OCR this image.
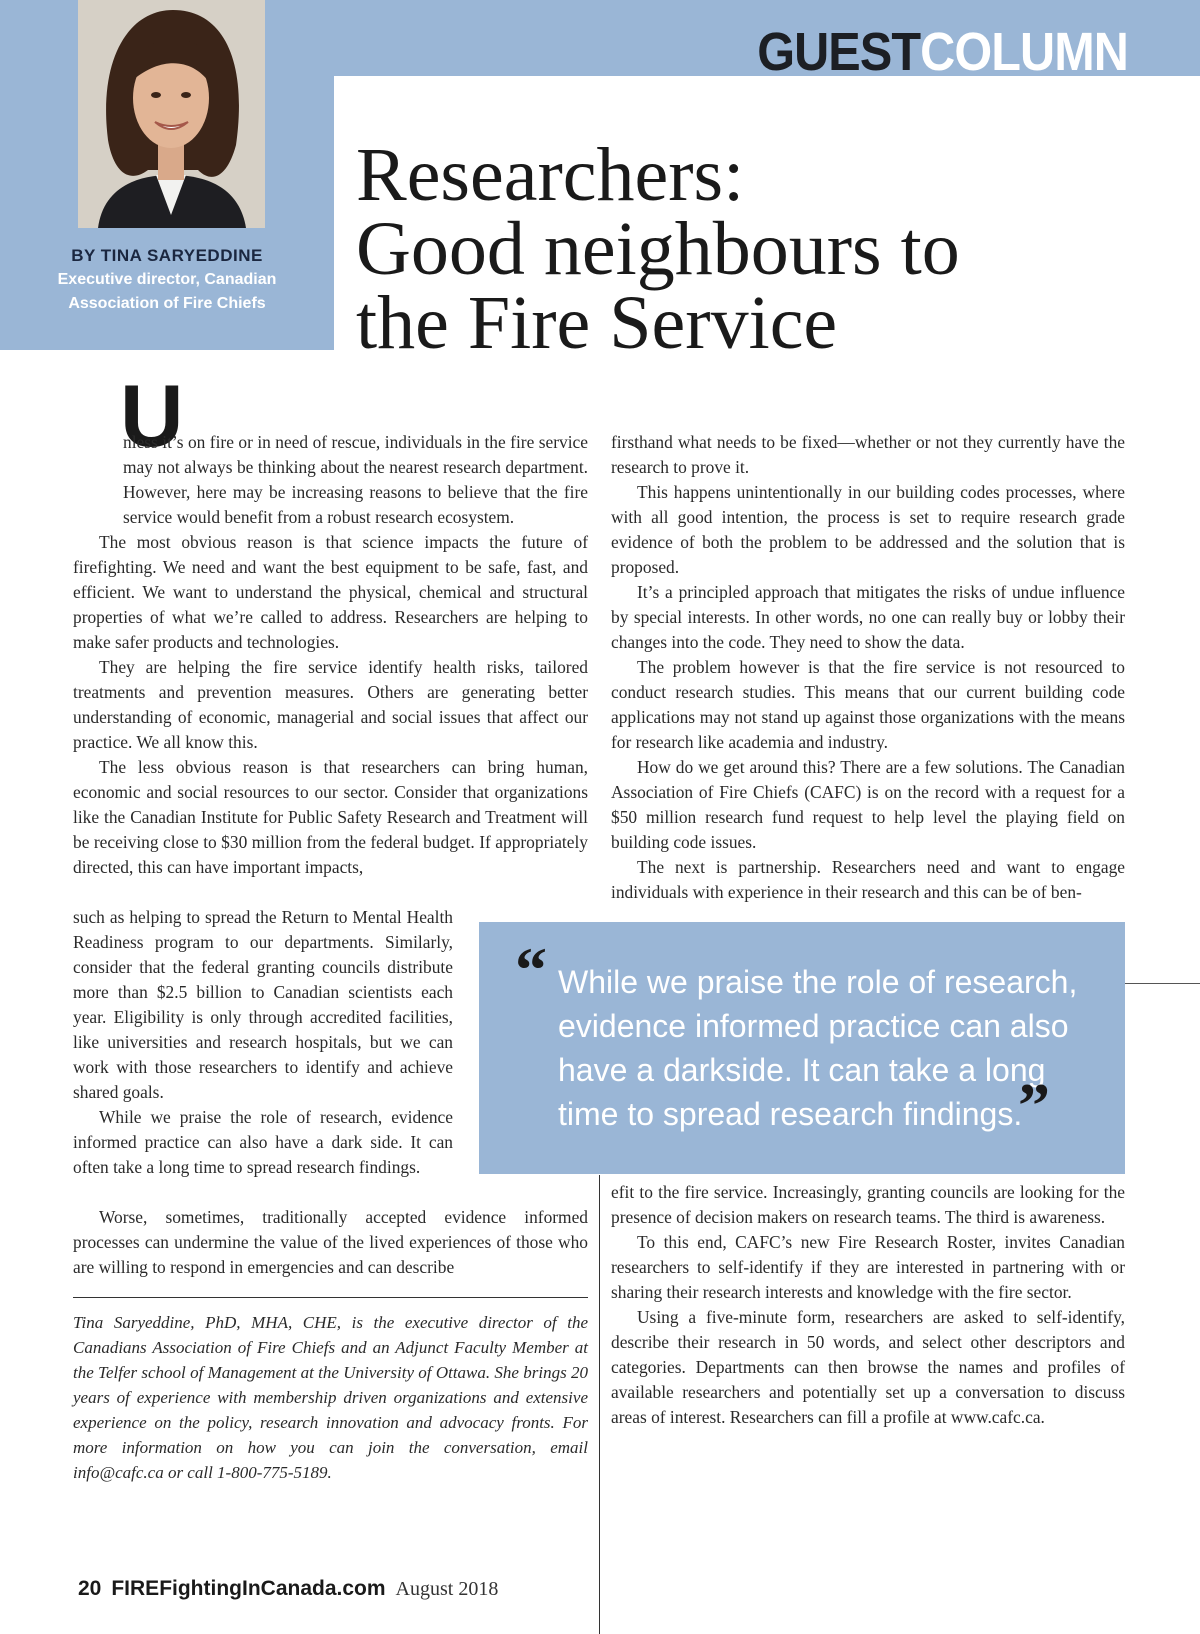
GUESTCOLUMN
BY TINA SARYEDDINE
Executive director, Canadian
Association of Fire Chiefs
Researchers:
Good neighbours to
the Fire Service
U

nless it’s on fire or in need of rescue, individuals in the fire service may not always be thinking about the nearest research department. However, here may be increasing reasons to believe that the fire service would benefit from a robust research ecosystem.

The most obvious reason is that science impacts the future of firefighting. We need and want the best equipment to be safe, fast, and efficient. We want to understand the physical, chemical and structural properties of what we’re called to address. Researchers are helping to make safer products and technologies.

They are helping the fire service identify health risks, tailored treatments and prevention measures. Others are generating better understanding of economic, managerial and social issues that affect our practice. We all know this.

The less obvious reason is that researchers can bring human, economic and social resources to our sector. Consider that organizations like the Canadian Institute for Public Safety Research and Treatment will be receiving close to $30 million from the federal budget. If appropriately directed, this can have important impacts,

such as helping to spread the Return to Mental Health Readiness program to our departments. Similarly, consider that the federal granting councils distribute more than $2.5 billion to Canadian scientists each year. Eligibility is only through accredited facilities, like universities and research hospitals, but we can work with those researchers to identify and achieve shared goals.

While we praise the role of research, evidence informed practice can also have a dark side. It can often take a long time to spread research findings.

Worse, sometimes, traditionally accepted evidence informed processes can undermine the value of the lived experiences of those who are willing to respond in emergencies and can describe

firsthand what needs to be fixed—whether or not they currently have the research to prove it.

This happens unintentionally in our building codes processes, where with all good intention, the process is set to require research grade evidence of both the problem to be addressed and the solution that is proposed.

It’s a principled approach that mitigates the risks of undue influence by special interests. In other words, no one can really buy or lobby their changes into the code. They need to show the data.

The problem however is that the fire service is not resourced to conduct research studies. This means that our current building code applications may not stand up against those organizations with the means for research like academia and industry.

How do we get around this? There are a few solutions. The Canadian Association of Fire Chiefs (CAFC) is on the record with a request for a $50 million research fund request to help level the playing field on building code issues.

The next is partnership. Researchers need and want to engage individuals with experience in their research and this can be of ben-

“ While we praise the role of research, evidence informed practice can also have a darkside. It can take a long time to spread research findings.
”

efit to the fire service. Increasingly, granting councils are looking for the presence of decision makers on research teams. The third is awareness.

To this end, CAFC’s new Fire Research Roster, invites Canadian researchers to self-identify if they are interested in partnering with or sharing their research interests and knowledge with the fire sector.

Using a five-minute form, researchers are asked to self-identify, describe their research in 50 words, and select other descriptors and categories. Departments can then browse the names and profiles of available researchers and potentially set up a conversation to discuss areas of interest. Researchers can fill a profile at www.cafc.ca.

Tina Saryeddine, PhD, MHA, CHE, is the executive director of the Canadians Association of Fire Chiefs and an Adjunct Faculty Member at the Telfer school of Management at the University of Ottawa. She brings 20 years of experience with membership driven organizations and extensive experience on the policy, research innovation and advocacy fronts. For more information on how you can join the conversation, email info@cafc.ca or call 1-800-775-5189.
20 FIREFightingInCanada.com August 2018
